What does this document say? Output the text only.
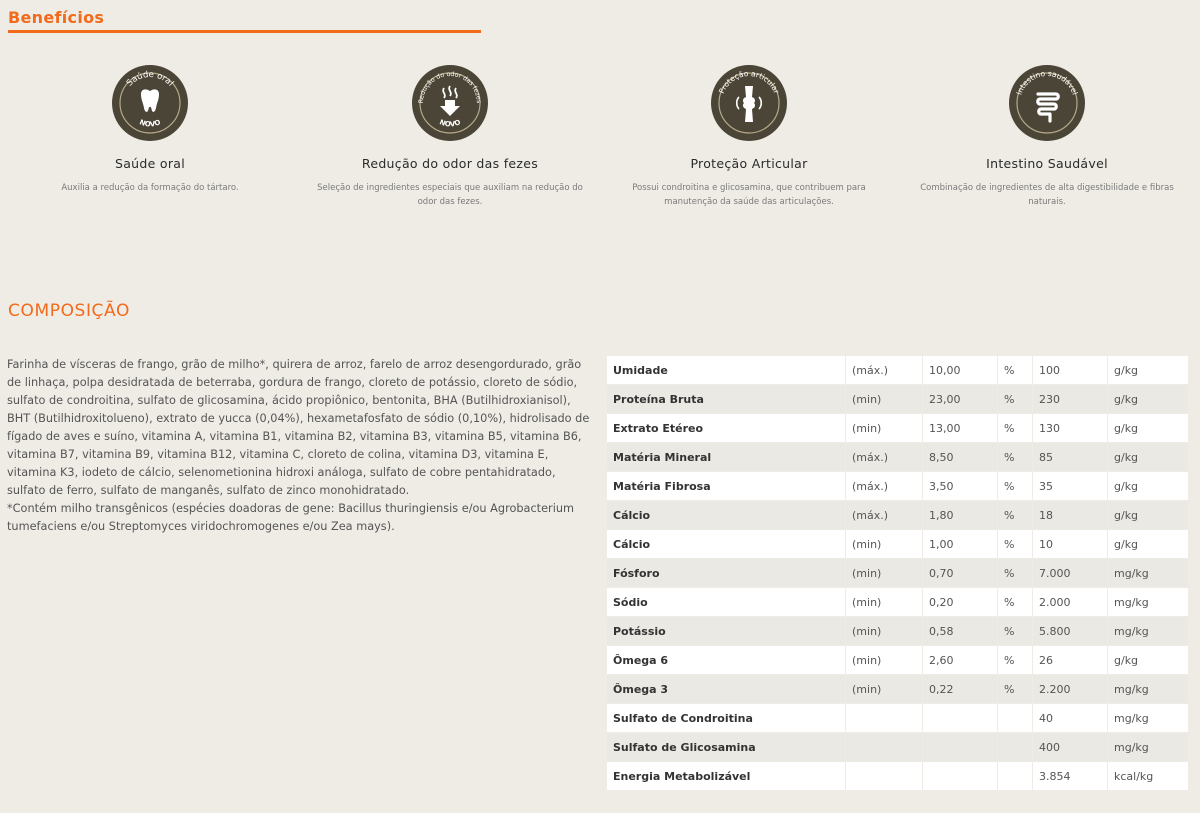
Benefícios
Saúde oral
NOVO
Saúde oral
Auxilia a redução da formação do tártaro.
Redução do odor das fezes
NOVO
Redução do odor das fezes
Seleção de ingredientes especiais que auxiliam na redução do odor das fezes.
Proteção articular
Proteção Articular
Possui condroitina e glicosamina, que contribuem para manutenção da saúde das articulações.
Intestino saudável
Intestino Saudável
Combinação de ingredientes de alta digestibilidade e fibras naturais.
COMPOSIÇÃO

Farinha de vísceras de frango, grão de milho*, quirera de arroz, farelo de arroz desengordurado, grão de linhaça, polpa desidratada de beterraba, gordura de frango, cloreto de potássio, cloreto de sódio, sulfato de condroitina, sulfato de glicosamina, ácido propiônico, bentonita, BHA (Butilhidroxianisol), BHT (Butilhidroxitolueno), extrato de yucca (0,04%), hexametafosfato de sódio (0,10%), hidrolisado de fígado de aves e suíno, vitamina A, vitamina B1, vitamina B2, vitamina B3, vitamina B5, vitamina B6, vitamina B7, vitamina B9, vitamina B12, vitamina C, cloreto de colina, vitamina D3, vitamina E, vitamina K3, iodeto de cálcio, selenometionina hidroxi análoga, sulfato de cobre pentahidratado, sulfato de ferro, sulfato de manganês, sulfato de zinco monohidratado.

*Contém milho transgênicos (espécies doadoras de gene: Bacillus thuringiensis e/ou Agrobacterium tumefaciens e/ou Streptomyces viridochromogenes e/ou Zea mays).

Umidade	(máx.)	10,00	%	100	g/kg
Proteína Bruta	(min)	23,00	%	230	g/kg
Extrato Etéreo	(min)	13,00	%	130	g/kg
Matéria Mineral	(máx.)	8,50	%	85	g/kg
Matéria Fibrosa	(máx.)	3,50	%	35	g/kg
Cálcio	(máx.)	1,80	%	18	g/kg
Cálcio	(min)	1,00	%	10	g/kg
Fósforo	(min)	0,70	%	7.000	mg/kg
Sódio	(min)	0,20	%	2.000	mg/kg
Potássio	(min)	0,58	%	5.800	mg/kg
Ômega 6	(min)	2,60	%	26	g/kg
Ômega 3	(min)	0,22	%	2.200	mg/kg
Sulfato de Condroitina				40	mg/kg
Sulfato de Glicosamina				400	mg/kg
Energia Metabolizável				3.854	kcal/kg
